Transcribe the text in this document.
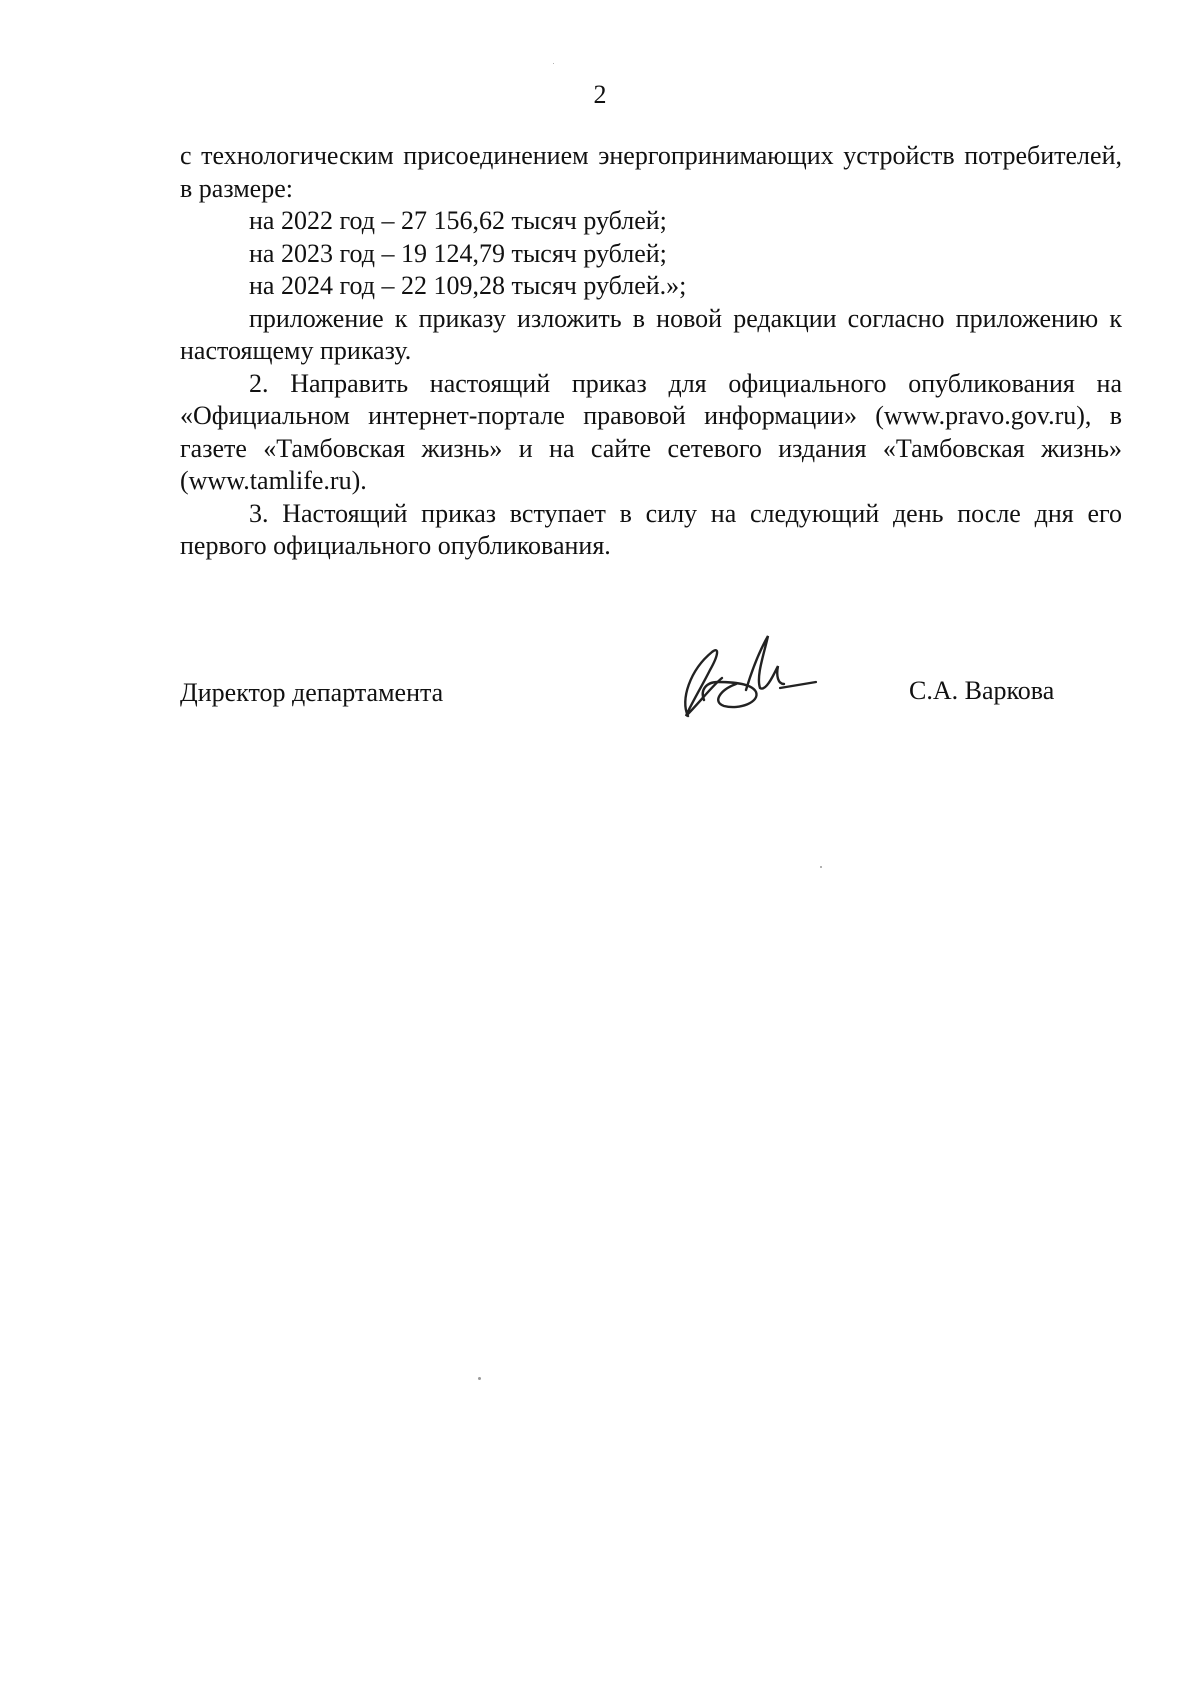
2

с технологическим присоединением энергопринимающих устройств потребителей, в размере:

на 2022 год – 27 156,62 тысяч рублей;

на 2023 год – 19 124,79 тысяч рублей;

на 2024 год – 22 109,28 тысяч рублей.»;

приложение к приказу изложить в новой редакции согласно приложению к настоящему приказу.

2. Направить настоящий приказ для официального опубликования на «Официальном интернет-портале правовой информации» (www.pravo.gov.ru), в газете «Тамбовская жизнь» и на сайте сетевого издания «Тамбовская жизнь» (www.tamlife.ru).

3. Настоящий приказ вступает в силу на следующий день после дня его первого официального опубликования.

Директор департамента	С.А. Варкова
